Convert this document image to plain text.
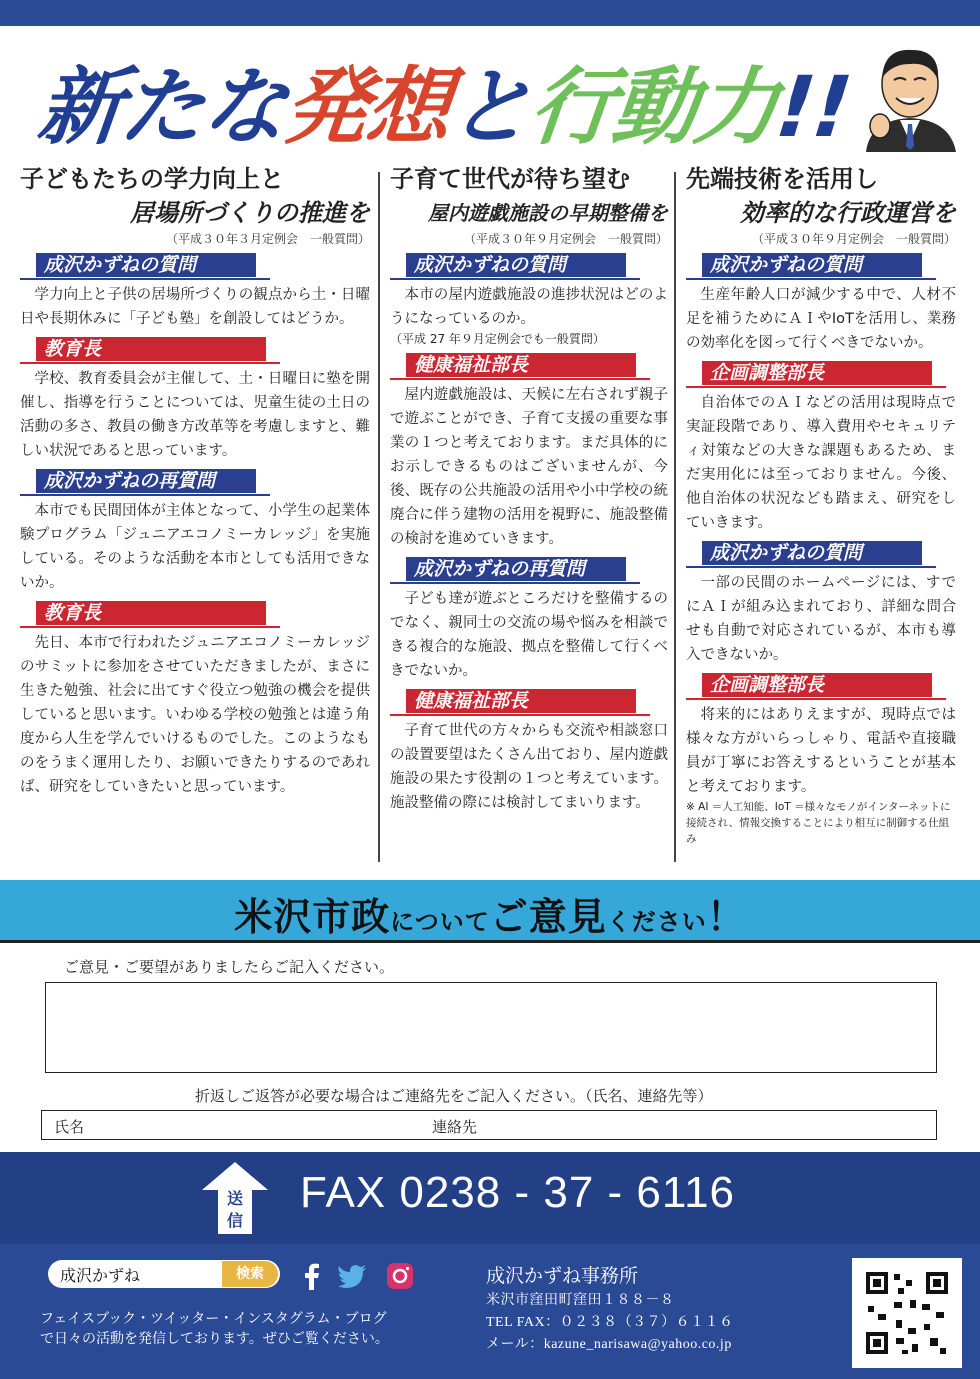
新たな発想と行動力!!
子どもたちの学力向上と
居場所づくりの推進を
（平成３０年３月定例会　一般質問）
成沢かずねの質問
学力向上と子供の居場所づくりの観点から土・日曜日や長期休みに「子ども塾」を創設してはどうか。
教育長
学校、教育委員会が主催して、土・日曜日に塾を開催し、指導を行うことについては、児童生徒の土日の活動の多さ、教員の働き方改革等を考慮しますと、難しい状況であると思っています。
成沢かずねの再質問
本市でも民間団体が主体となって、小学生の起業体験プログラム「ジュニアエコノミーカレッジ」を実施している。そのような活動を本市としても活用できないか。
教育長
先日、本市で行われたジュニアエコノミーカレッジのサミットに参加をさせていただきましたが、まさに生きた勉強、社会に出てすぐ役立つ勉強の機会を提供していると思います。いわゆる学校の勉強とは違う角度から人生を学んでいけるものでした。このようなものをうまく運用したり、お願いできたりするのであれば、研究をしていきたいと思っています。
子育て世代が待ち望む
屋内遊戯施設の早期整備を
（平成３０年９月定例会　一般質問）
成沢かずねの質問
本市の屋内遊戯施設の進捗状況はどのようになっているのか。
（平成 27 年９月定例会でも一般質問）
健康福祉部長
屋内遊戯施設は、天候に左右されず親子で遊ぶことができ、子育て支援の重要な事業の１つと考えております。まだ具体的にお示しできるものはございませんが、今後、既存の公共施設の活用や小中学校の統廃合に伴う建物の活用を視野に、施設整備の検討を進めていきます。
成沢かずねの再質問
子ども達が遊ぶところだけを整備するのでなく、親同士の交流の場や悩みを相談できる複合的な施設、拠点を整備して行くべきでないか。
健康福祉部長
子育て世代の方々からも交流や相談窓口の設置要望はたくさん出ており、屋内遊戯施設の果たす役割の１つと考えています。施設整備の際には検討してまいります。
先端技術を活用し
効率的な行政運営を
（平成３０年９月定例会　一般質問）
成沢かずねの質問
生産年齢人口が減少する中で、人材不足を補うためにＡＩやIoTを活用し、業務の効率化を図って行くべきでないか。
企画調整部長
自治体でのＡＩなどの活用は現時点で実証段階であり、導入費用やセキュリティ対策などの大きな課題もあるため、まだ実用化には至っておりません。今後、他自治体の状況なども踏まえ、研究をしていきます。
成沢かずねの質問
一部の民間のホームページには、すでにＡＩが組み込まれており、詳細な問合せも自動で対応されているが、本市も導入できないか。
企画調整部長
将来的にはありえますが、現時点では様々な方がいらっしゃり、電話や直接職員が丁寧にお答えするということが基本と考えております。
※ AI ＝人工知能、IoT ＝様々なモノがインターネットに接続され、情報交換することにより相互に制御する仕組み
米沢市政についてご意見ください！
ご意見・ご要望がありましたらご記入ください。
折返しご返答が必要な場合はご連絡先をご記入ください。（氏名、連絡先等）
氏名	連絡先
送
信
FAX 0238 - 37 - 6116
成沢かずね	検索
フェイスブック・ツイッター・インスタグラム・ブログ
で日々の活動を発信しております。ぜひご覧ください。
成沢かずね事務所
米沢市窪田町窪田１８８－８
TEL FAX：０２３８（３７）６１１６
メール：kazune_narisawa@yahoo.co.jp
